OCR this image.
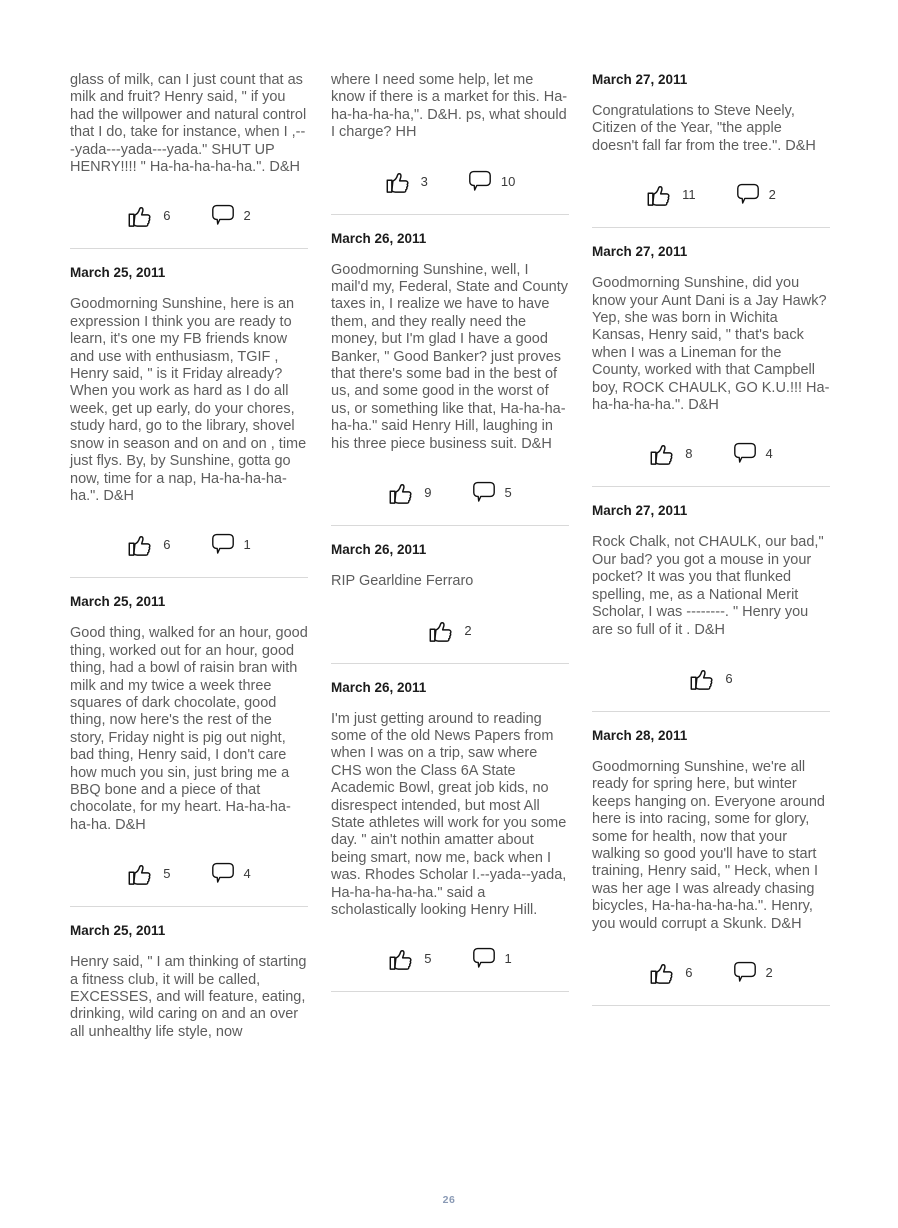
glass of milk, can I just count that as milk and fruit? Henry said, " if you had the willpower and natural control that I do, take for instance, when I ,---yada---yada---yada." SHUT UP HENRY!!!! " Ha-ha-ha-ha-ha.". D&H

6	2
March 25, 2011

Goodmorning Sunshine, here is an expression I think you are ready to learn, it's one my FB friends know and use with enthusiasm, TGIF , Henry said, " is it Friday already? When you work as hard as I do all week, get up early, do your chores, study hard, go to the library, shovel snow in season and on and on , time just flys. By, by Sunshine, gotta go now, time for a nap, Ha-ha-ha-ha-ha.". D&H

6	1
March 25, 2011

Good thing, walked for an hour, good thing, worked out for an hour, good thing, had a bowl of raisin bran with milk and my twice a week three squares of dark chocolate, good thing, now here's the rest of the story, Friday night is pig out night, bad thing, Henry said, I don't care how much you sin, just bring me a BBQ bone and a piece of that chocolate, for my heart. Ha-ha-ha-ha-ha. D&H

5	4
March 25, 2011

Henry said, " I am thinking of starting a fitness club, it will be called, EXCESSES, and will feature, eating, drinking, wild caring on and an over all unhealthy life style, now

where I need some help, let me know if there is a market for this. Ha-ha-ha-ha-ha,". D&H. ps, what should I charge? HH

3	10
March 26, 2011

Goodmorning Sunshine, well, I mail'd my, Federal, State and County taxes in, I realize we have to have them, and they really need the money, but I'm glad I have a good Banker, " Good Banker? just proves that there's some bad in the best of us, and some good in the worst of us, or something like that, Ha-ha-ha-ha-ha." said Henry Hill, laughing in his three piece business suit. D&H

9	5
March 26, 2011

RIP Gearldine Ferraro

2
March 26, 2011

I'm just getting around to reading some of the old News Papers from when I was on a trip, saw where CHS won the Class 6A State Academic Bowl, great job kids, no disrespect intended, but most All State athletes will work for you some day. " ain't nothin amatter about being smart, now me, back when I was. Rhodes Scholar I.--yada--yada, Ha-ha-ha-ha-ha." said a scholastically looking Henry Hill.

5	1
March 27, 2011

Congratulations to Steve Neely, Citizen of the Year, "the apple doesn't fall far from the tree.". D&H

11	2
March 27, 2011

Goodmorning Sunshine, did you know your Aunt Dani is a Jay Hawk? Yep, she was born in Wichita Kansas, Henry said, " that's back when I was a Lineman for the County, worked with that Campbell boy, ROCK CHAULK, GO K.U.!!! Ha-ha-ha-ha-ha.". D&H

8	4
March 27, 2011

Rock Chalk, not CHAULK, our bad," Our bad? you got a mouse in your pocket? It was you that flunked spelling, me, as a National Merit Scholar, I was --------. " Henry you are so full of it . D&H

6
March 28, 2011

Goodmorning Sunshine, we're all ready for spring here, but winter keeps hanging on. Everyone around here is into racing, some for glory, some for health, now that your walking so good you'll have to start training, Henry said, " Heck, when I was her age I was already chasing bicycles, Ha-ha-ha-ha-ha.". Henry, you would corrupt a Skunk. D&H

6	2
26
